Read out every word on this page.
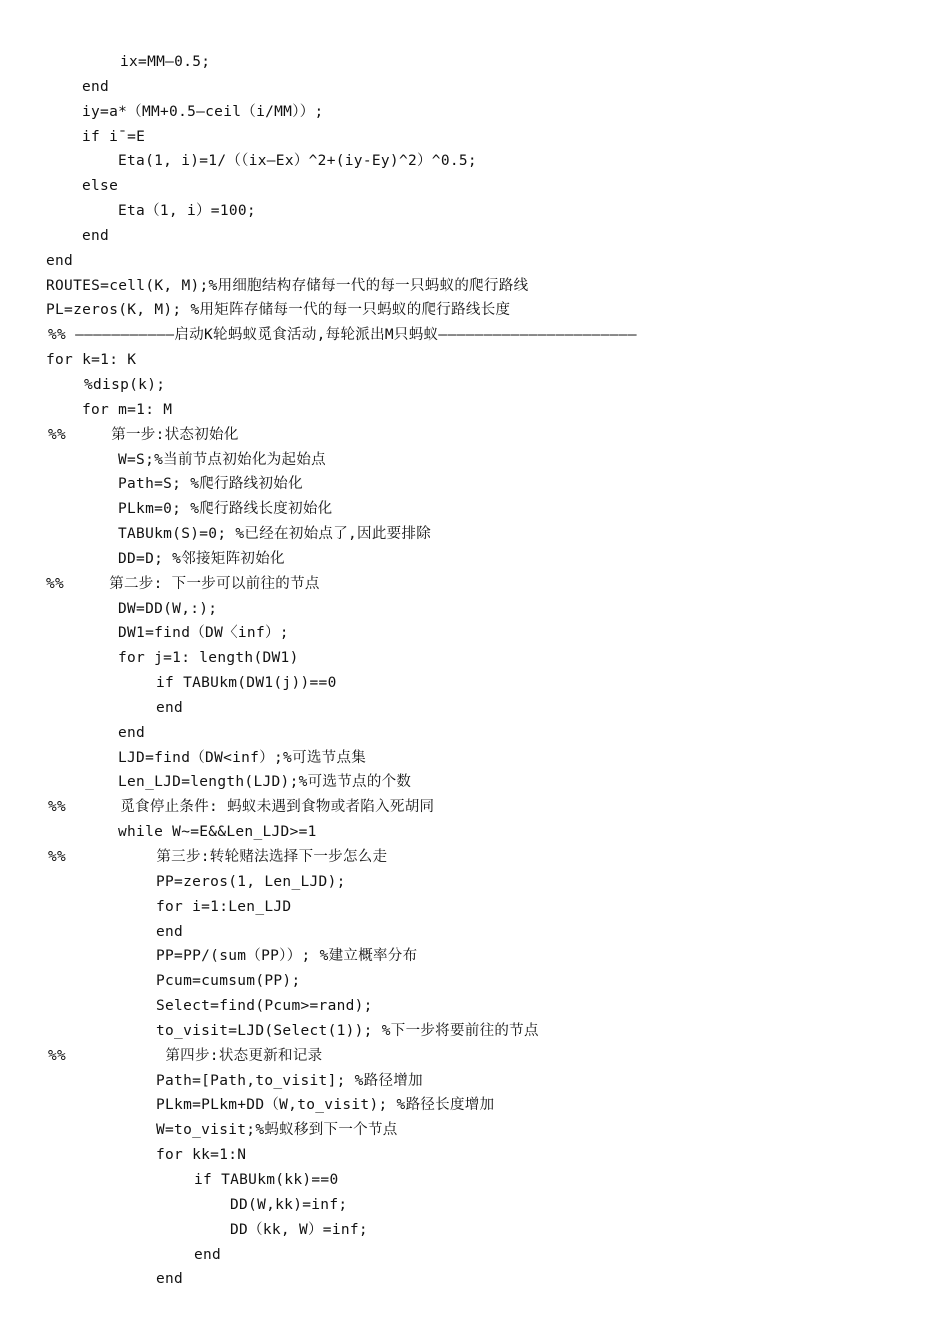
ix=MM—0.5;
end
iy=a*（MM+0.5—ceil（i/MM））;
if i¯=E
Eta(1, i)=1/（（ix—Ex）^2+(iy-Ey)^2）^0.5;
else
Eta（1, i）=100;
end
end
ROUTES=cell(K, M);%用细胞结构存储每一代的每一只蚂蚁的爬行路线
PL=zeros(K, M); %用矩阵存储每一代的每一只蚂蚁的爬行路线长度
%% ———————————启动K轮蚂蚁觅食活动,每轮派出M只蚂蚁——————————————————————
for k=1: K
%disp(k);
for m=1: M
%%     第一步:状态初始化
W=S;%当前节点初始化为起始点
Path=S; %爬行路线初始化
PLkm=0; %爬行路线长度初始化
TABUkm(S)=0; %已经在初始点了,因此要排除
DD=D; %邻接矩阵初始化
%%     第二步: 下一步可以前往的节点
DW=DD(W,:);
DW1=find（DW〈inf）;
for j=1: length(DW1)
if TABUkm(DW1(j))==0
end
end
LJD=find（DW<inf）;%可选节点集
Len_LJD=length(LJD);%可选节点的个数
%%      觅食停止条件: 蚂蚁未遇到食物或者陷入死胡同
while W~=E&&Len_LJD>=1
%%          第三步:转轮赌法选择下一步怎么走
PP=zeros(1, Len_LJD);
for i=1:Len_LJD
end
PP=PP/(sum（PP））; %建立概率分布
Pcum=cumsum(PP);
Select=find(Pcum>=rand);
to_visit=LJD(Select(1)); %下一步将要前往的节点
%%           第四步:状态更新和记录
Path=[Path,to_visit]; %路径增加
PLkm=PLkm+DD（W,to_visit); %路径长度增加
W=to_visit;%蚂蚁移到下一个节点
for kk=1:N
if TABUkm(kk)==0
DD(W,kk)=inf;
DD（kk, W）=inf;
end
end
